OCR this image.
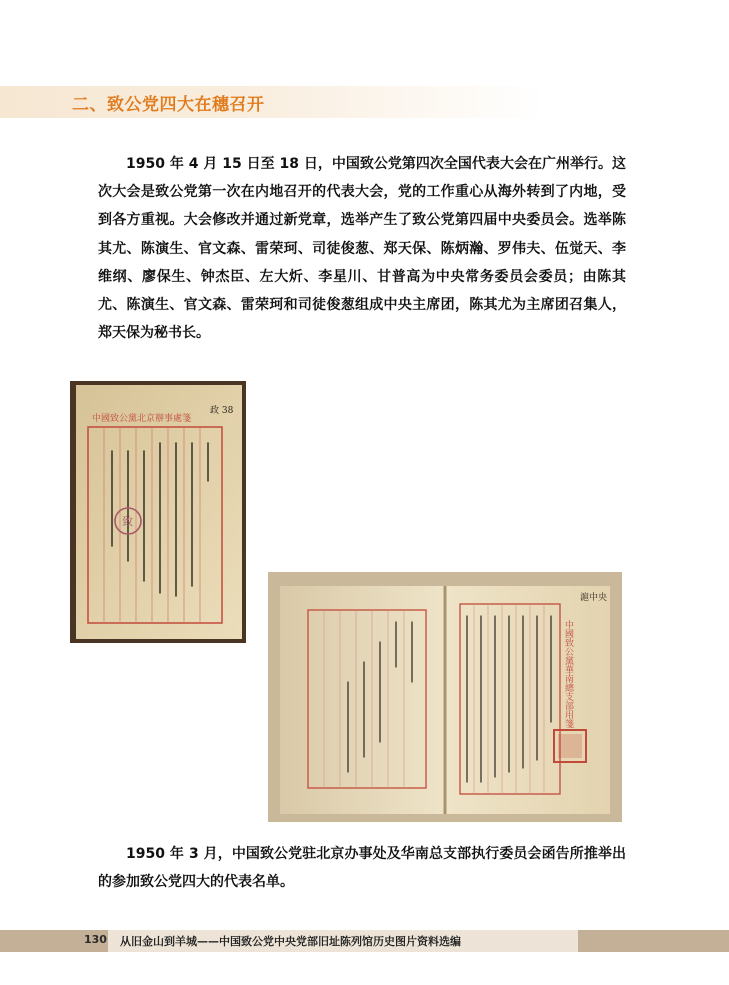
二、致公党四大在穗召开
1950 年 4 月 15 日至 18 日，中国致公党第四次全国代表大会在广州举行。这次大会是致公党第一次在内地召开的代表大会，党的工作重心从海外转到了内地，受到各方重视。大会修改并通过新党章，选举产生了致公党第四届中央委员会。选举陈其尤、陈演生、官文森、雷荣珂、司徒俊葱、郑天保、陈炳瀚、罗伟夫、伍觉天、李维纲、廖保生、钟杰臣、左大炘、李星川、甘普高为中央常务委员会委员；由陈其尤、陈演生、官文森、雷荣珂和司徒俊葱组成中央主席团，陈其尤为主席团召集人，郑天保为秘书长。
致
中國致公黨北京辦事處箋
政 38
中國致公黨華南總支部用箋
滬中央
1950 年 3 月，中国致公党驻北京办事处及华南总支部执行委员会函告所推举出的参加致公党四大的代表名单。
130 从旧金山到羊城——中国致公党中央党部旧址陈列馆历史图片资料选编
